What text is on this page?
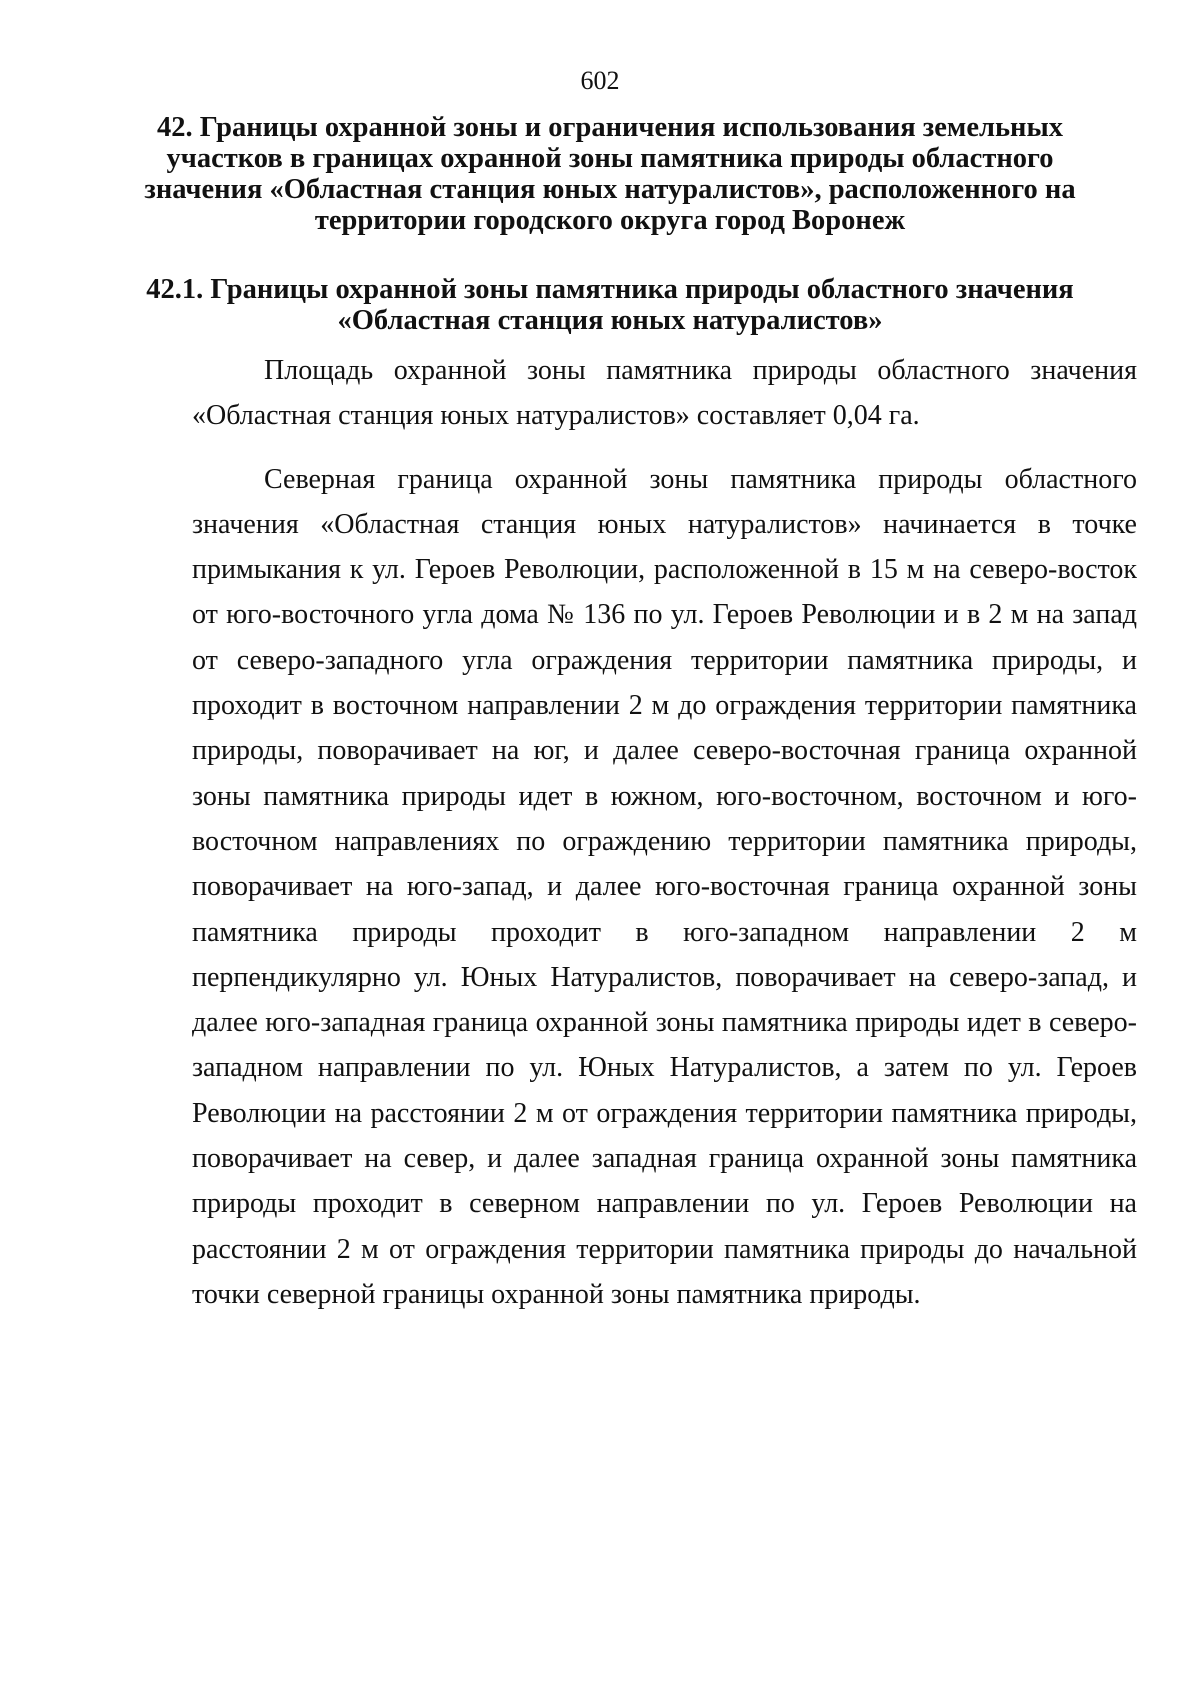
602

42. Границы охранной зоны и ограничения использования земельных участков в границах охранной зоны памятника природы областного значения «Областная станция юных натуралистов», расположенного на территории городского округа город Воронеж
42.1. Границы охранной зоны памятника природы областного значения «Областная станция юных натуралистов»

Площадь охранной зоны памятника природы областного значения «Областная станция юных натуралистов» составляет 0,04 га.

Северная граница охранной зоны памятника природы областного значения «Областная станция юных натуралистов» начинается в точке примыкания к ул. Героев Революции, расположенной в 15 м на северо-восток от юго-восточного угла дома № 136 по ул. Героев Революции и в 2 м на запад от северо-западного угла ограждения территории памятника природы, и проходит в восточном направлении 2 м до ограждения территории памятника природы, поворачивает на юг, и далее северо-восточная граница охранной зоны памятника природы идет в южном, юго-восточном, восточном и юго-восточном направлениях по ограждению территории памятника природы, поворачивает на юго-запад, и далее юго-восточная граница охранной зоны памятника природы проходит в юго-западном направлении 2 м перпендикулярно ул. Юных Натуралистов, поворачивает на северо-запад, и далее юго-западная граница охранной зоны памятника природы идет в северо-западном направлении по ул. Юных Натуралистов, а затем по ул. Героев Революции на расстоянии 2 м от ограждения территории памятника природы, поворачивает на север, и далее западная граница охранной зоны памятника природы проходит в северном направлении по ул. Героев Революции на расстоянии 2 м от ограждения территории памятника природы до начальной точки северной границы охранной зоны памятника природы.
